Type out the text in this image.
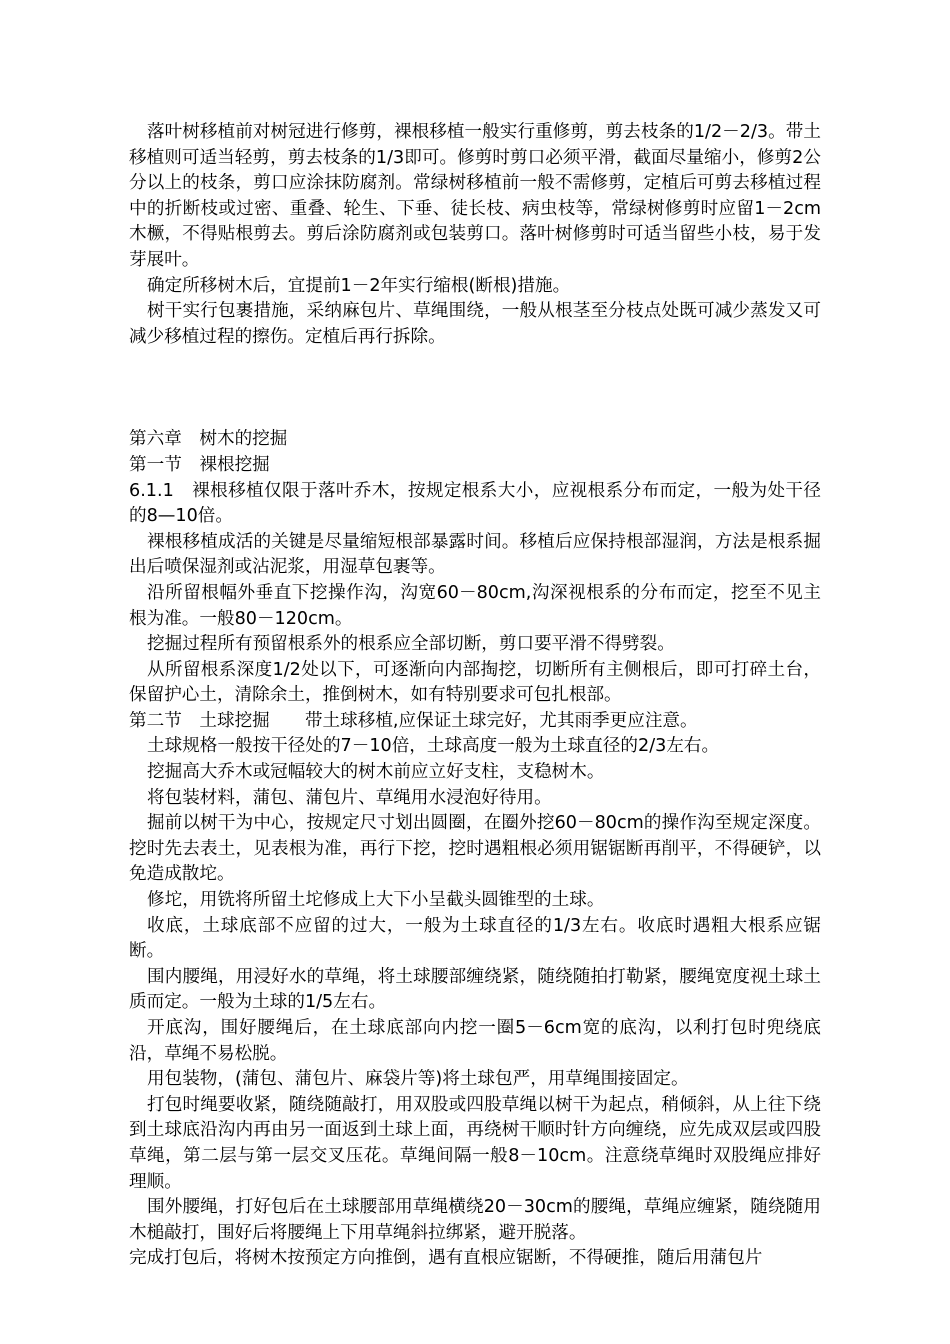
落叶树移植前对树冠进行修剪，裸根移植一般实行重修剪，剪去枝条的1/2－2/3。带土移植则可适当轻剪，剪去枝条的1/3即可。修剪时剪口必须平滑，截面尽量缩小，修剪2公分以上的枝条，剪口应涂抹防腐剂。常绿树移植前一般不需修剪，定植后可剪去移植过程中的折断枝或过密、重叠、轮生、下垂、徒长枝、病虫枝等，常绿树修剪时应留1－2cm木橛，不得贴根剪去。剪后涂防腐剂或包装剪口。落叶树修剪时可适当留些小枝，易于发芽展叶。

确定所移树木后，宜提前1－2年实行缩根(断根)措施。

树干实行包裹措施，采纳麻包片、草绳围绕，一般从根茎至分枝点处既可减少蒸发又可减少移植过程的擦伤。定植后再行拆除。

第六章　树木的挖掘

第一节　裸根挖掘

6.1.1　裸根移植仅限于落叶乔木，按规定根系大小，应视根系分布而定，一般为处干径的8—10倍。

裸根移植成活的关键是尽量缩短根部暴露时间。移植后应保持根部湿润，方法是根系掘出后喷保湿剂或沾泥浆，用湿草包裹等。

沿所留根幅外垂直下挖操作沟，沟宽60－80cm,沟深视根系的分布而定，挖至不见主根为准。一般80－120cm。

挖掘过程所有预留根系外的根系应全部切断，剪口要平滑不得劈裂。

从所留根系深度1/2处以下，可逐渐向内部掏挖，切断所有主侧根后，即可打碎土台，保留护心土，清除余土，推倒树木，如有特别要求可包扎根部。

第二节　土球挖掘　　带土球移植,应保证土球完好，尤其雨季更应注意。

土球规格一般按干径处的7－10倍，土球高度一般为土球直径的2/3左右。

挖掘高大乔木或冠幅较大的树木前应立好支柱，支稳树木。

将包装材料，蒲包、蒲包片、草绳用水浸泡好待用。

掘前以树干为中心，按规定尺寸划出圆圈，在圈外挖60－80cm的操作沟至规定深度。挖时先去表土，见表根为准，再行下挖，挖时遇粗根必须用锯锯断再削平，不得硬铲，以免造成散坨。

修坨，用铣将所留土坨修成上大下小呈截头圆锥型的土球。

收底，土球底部不应留的过大，一般为土球直径的1/3左右。收底时遇粗大根系应锯断。

围内腰绳，用浸好水的草绳，将土球腰部缠绕紧，随绕随拍打勒紧，腰绳宽度视土球土质而定。一般为土球的1/5左右。

开底沟，围好腰绳后，在土球底部向内挖一圈5－6cm宽的底沟，以利打包时兜绕底沿，草绳不易松脱。

用包装物，(蒲包、蒲包片、麻袋片等)将土球包严，用草绳围接固定。

打包时绳要收紧，随绕随敲打，用双股或四股草绳以树干为起点，稍倾斜，从上往下绕到土球底沿沟内再由另一面返到土球上面，再绕树干顺时针方向缠绕，应先成双层或四股草绳，第二层与第一层交叉压花。草绳间隔一般8－10cm。注意绕草绳时双股绳应排好理顺。

围外腰绳，打好包后在土球腰部用草绳横绕20－30cm的腰绳，草绳应缠紧，随绕随用木槌敲打，围好后将腰绳上下用草绳斜拉绑紧，避开脱落。

完成打包后，将树木按预定方向推倒，遇有直根应锯断，不得硬推，随后用蒲包片
